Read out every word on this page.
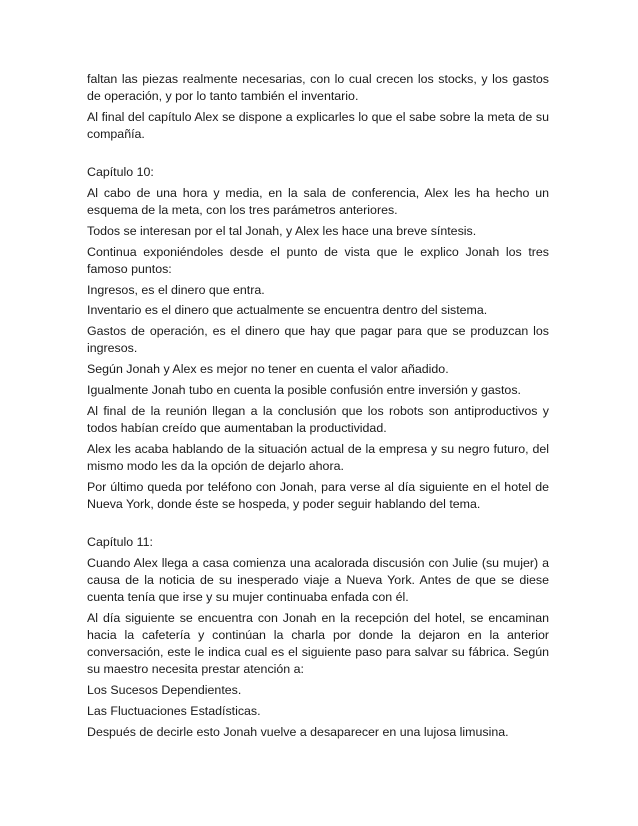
faltan las piezas realmente necesarias, con lo cual crecen los stocks, y los gastos de operación, y por lo tanto también el inventario.

Al final del capítulo Alex se dispone a explicarles lo que el sabe sobre la meta de su compañía.

Capítulo 10:

Al cabo de una hora y media, en la sala de conferencia, Alex les ha hecho un esquema de la meta, con los tres parámetros anteriores.

Todos se interesan por el tal Jonah, y Alex les hace una breve síntesis.

Continua exponiéndoles desde el punto de vista que le explico Jonah los tres famoso puntos:

Ingresos, es el dinero que entra.

Inventario es el dinero que actualmente se encuentra dentro del sistema.

Gastos de operación, es el dinero que hay que pagar para que se produzcan los ingresos.

Según Jonah y Alex es mejor no tener en cuenta el valor añadido.

Igualmente Jonah tubo en cuenta la posible confusión entre inversión y gastos.

Al final de la reunión llegan a la conclusión que los robots son antiproductivos y todos habían creído que aumentaban la productividad.

Alex les acaba hablando de la situación actual de la empresa y su negro futuro, del mismo modo les da la opción de dejarlo ahora.

Por último queda por teléfono con Jonah, para verse al día siguiente en el hotel de Nueva York, donde éste se hospeda, y poder seguir hablando del tema.

Capítulo 11:

Cuando Alex llega a casa comienza una acalorada discusión con Julie (su mujer) a causa de la noticia de su inesperado viaje a Nueva York. Antes de que se diese cuenta tenía que irse y su mujer continuaba enfada con él.

Al día siguiente se encuentra con Jonah en la recepción del hotel, se encaminan hacia la cafetería y continúan la charla por donde la dejaron en la anterior conversación, este le indica cual es el siguiente paso para salvar su fábrica. Según su maestro necesita prestar atención a:

Los Sucesos Dependientes.

Las Fluctuaciones Estadísticas.

Después de decirle esto Jonah vuelve a desaparecer en una lujosa limusina.
